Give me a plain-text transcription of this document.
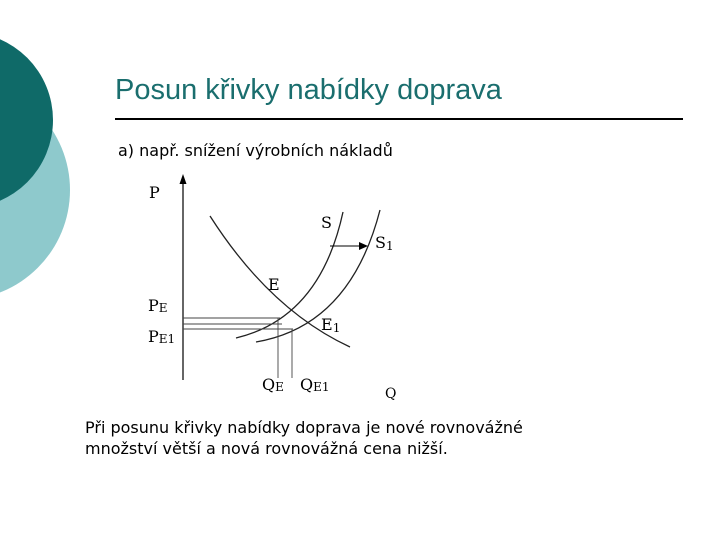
Posun křivky nabídky doprava
a) např. snížení výrobních nákladů
P
Q
S
S1
E
E1
PE
PE1
QE QE1
Při posunu křivky nabídky doprava je nové rovnovážné
množství větší a nová rovnovážná cena nižší.
